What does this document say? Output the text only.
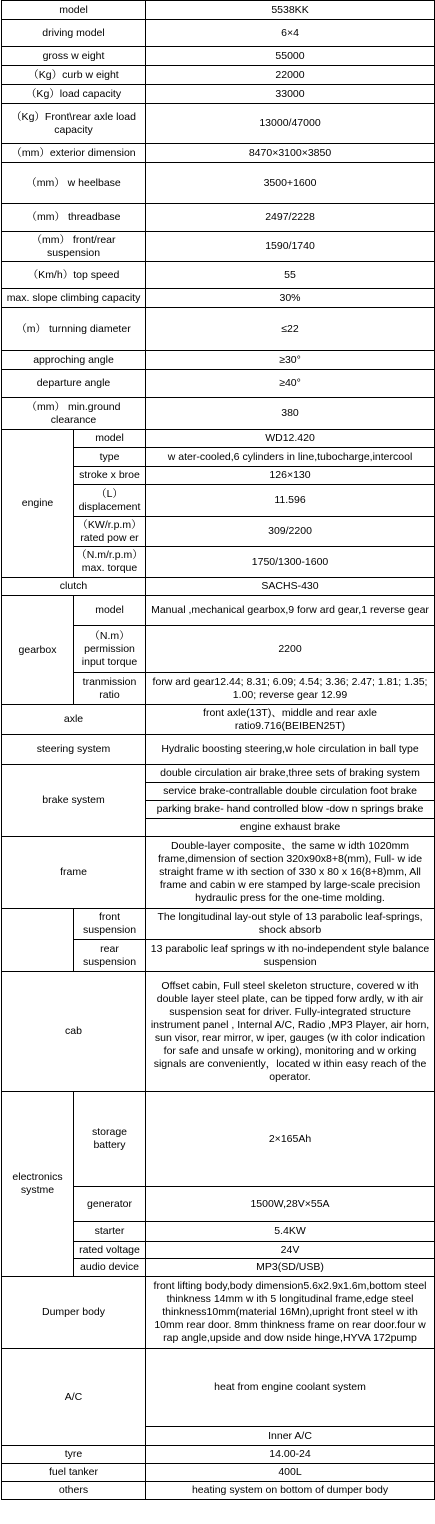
model		5538KK
driving model		6×4
gross w eight		55000
（Kg）curb w eight		22000
（Kg）load capacity		33000
（Kg）Front\rear axle load capacity		13000/47000
（mm）exterior dimension		8470×3100×3850
（mm） w heelbase		3500+1600
（mm） threadbase		2497/2228
（mm） front/rear suspension		1590/1740
（Km/h）top speed		55
max. slope climbing capacity		30%
（m） turnning diameter		≤22
approching angle		≥30°
departure angle		≥40°
（mm） min.ground clearance		380
engine	model	WD12.420
	type	w ater-cooled,6 cylinders in line,tubocharge,intercool
	stroke x broe	126×130
	（L） displacement	11.596
	（KW/r.p.m） rated pow er	309/2200
	（N.m/r.p.m） max. torque	1750/1300-1600
clutch		SACHS-430
gearbox	model	Manual ,mechanical gearbox,9 forw ard gear,1 reverse gear
	（N.m） permission input torque	2200
	tranmission ratio	forw ard gear12.44; 8.31; 6.09; 4.54; 3.36; 2.47; 1.81; 1.35; 1.00; reverse gear 12.99
axle		front axle(13T)、middle and rear axle ratio9.716(BEIBEN25T)
steering system		Hydralic boosting steering,w hole circulation in ball type
brake system		double circulation air brake,three sets of braking system
		service brake-contrallable double circulation foot brake
		parking brake- hand controlled blow -dow n springs brake
		engine exhaust brake
frame		Double-layer composite、the same w idth 1020mm frame,dimension of section 320x90x8+8(mm), Full- w ide straight frame w ith section of 330 x 80 x 16(8+8)mm, All frame and cabin w ere stamped by large-scale precision hydraulic press for the one-time molding.
	front suspension	The longitudinal lay-out style of 13 parabolic leaf-springs, shock absorb
	rear suspension	13 parabolic leaf springs w ith no-independent style balance suspension
cab		Offset cabin, Full steel skeleton structure, covered w ith double layer steel plate, can be tipped forw ardly, w ith air suspension seat for driver. Fully-integrated structure instrument panel , Internal A/C, Radio ,MP3 Player, air horn, sun visor, rear mirror, w iper, gauges (w ith color indication for safe and unsafe w orking), monitoring and w orking signals are conveniently，located w ithin easy reach of the operator.
electronics systme	storage battery	2×165Ah
	generator	1500W,28V×55A
	starter	5.4KW
	rated voltage	24V
	audio device	MP3(SD/USB)
Dumper body		front lifting body,body dimension5.6x2.9x1.6m,bottom steel thinkness 14mm w ith 5 longitudinal frame,edge steel thinkness10mm(material 16Mn),upright front steel w ith 10mm rear door. 8mm thinkness frame on rear door.four w rap angle,upside and dow nside hinge,HYVA 172pump
A/C		heat from engine coolant system
		Inner A/C
tyre		14.00-24
fuel tanker		400L
others		heating system on bottom of dumper body
